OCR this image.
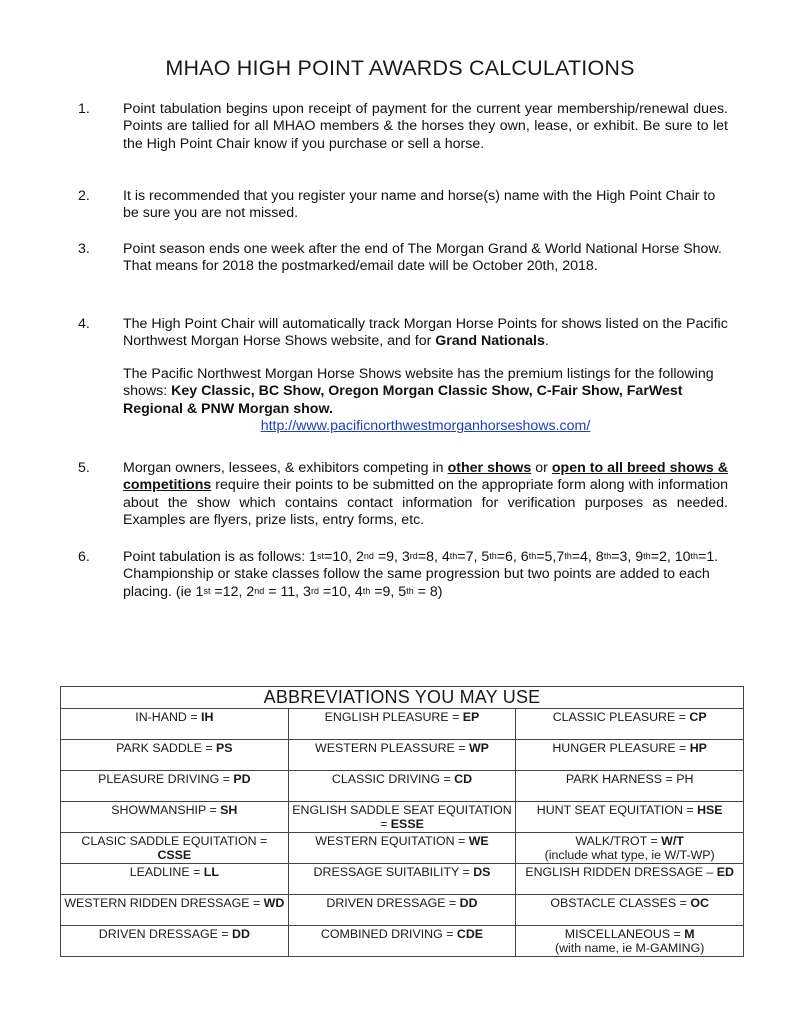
MHAO HIGH POINT AWARDS CALCULATIONS
1. Point tabulation begins upon receipt of payment for the current year membership/renewal dues. Points are tallied for all MHAO members & the horses they own, lease, or exhibit. Be sure to let the High Point Chair know if you purchase or sell a horse.
2. It is recommended that you register your name and horse(s) name with the High Point Chair to be sure you are not missed.
3. Point season ends one week after the end of The Morgan Grand & World National Horse Show. That means for 2018 the postmarked/email date will be October 20th, 2018.
4. The High Point Chair will automatically track Morgan Horse Points for shows listed on the Pacific Northwest Morgan Horse Shows website, and for Grand Nationals.
The Pacific Northwest Morgan Horse Shows website has the premium listings for the following shows: Key Classic, BC Show, Oregon Morgan Classic Show, C-Fair Show, FarWest Regional & PNW Morgan show.
http://www.pacificnorthwestmorganhorseshows.com/
5. Morgan owners, lessees, & exhibitors competing in other shows or open to all breed shows & competitions require their points to be submitted on the appropriate form along with information about the show which contains contact information for verification purposes as needed. Examples are flyers, prize lists, entry forms, etc.
6. Point tabulation is as follows: 1st=10, 2nd =9, 3rd=8, 4th=7, 5th=6, 6th=5,7th=4, 8th=3, 9th=2, 10th=1. Championship or stake classes follow the same progression but two points are added to each placing. (ie 1st =12, 2nd = 11, 3rd =10, 4th =9, 5th = 8)
ABBREVIATIONS YOU MAY USE		
IN-HAND = IH	ENGLISH PLEASURE = EP	CLASSIC PLEASURE = CP
PARK SADDLE = PS	WESTERN PLEASSURE = WP	HUNGER PLEASURE = HP
PLEASURE DRIVING = PD	CLASSIC DRIVING = CD	PARK HARNESS = PH
SHOWMANSHIP = SH	ENGLISH SADDLE SEAT EQUITATION = ESSE	HUNT SEAT EQUITATION = HSE
CLASIC SADDLE EQUITATION = CSSE	WESTERN EQUITATION = WE	WALK/TROT = W/T
(include what type, ie W/T-WP)
LEADLINE = LL	DRESSAGE SUITABILITY = DS	ENGLISH RIDDEN DRESSAGE – ED
WESTERN RIDDEN DRESSAGE = WD	DRIVEN DRESSAGE = DD	OBSTACLE CLASSES = OC
DRIVEN DRESSAGE = DD	COMBINED DRIVING = CDE	MISCELLANEOUS = M
(with name, ie M-GAMING)
